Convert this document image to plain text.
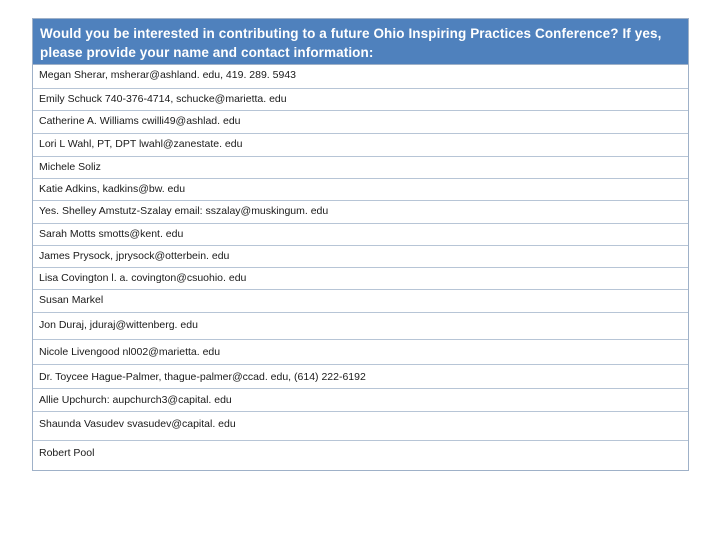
Would you be interested in contributing to a future Ohio Inspiring Practices Conference? If yes,
please provide your name and contact information:
Megan Sherar, msherar@ashland. edu, 419. 289. 5943
Emily Schuck 740-376-4714, schucke@marietta. edu
Catherine A. Williams cwilli49@ashlad. edu
Lori L Wahl, PT, DPT lwahl@zanestate. edu
Michele Soliz
Katie Adkins, kadkins@bw. edu
Yes. Shelley Amstutz-Szalay email: sszalay@muskingum. edu
Sarah Motts smotts@kent. edu
James Prysock, jprysock@otterbein. edu
Lisa Covington l. a. covington@csuohio. edu
Susan Markel
Jon Duraj, jduraj@wittenberg. edu
Nicole Livengood nl002@marietta. edu
Dr. Toycee Hague-Palmer, thague-palmer@ccad. edu, (614) 222-6192
Allie Upchurch: aupchurch3@capital. edu
Shaunda Vasudev svasudev@capital. edu
Robert Pool
